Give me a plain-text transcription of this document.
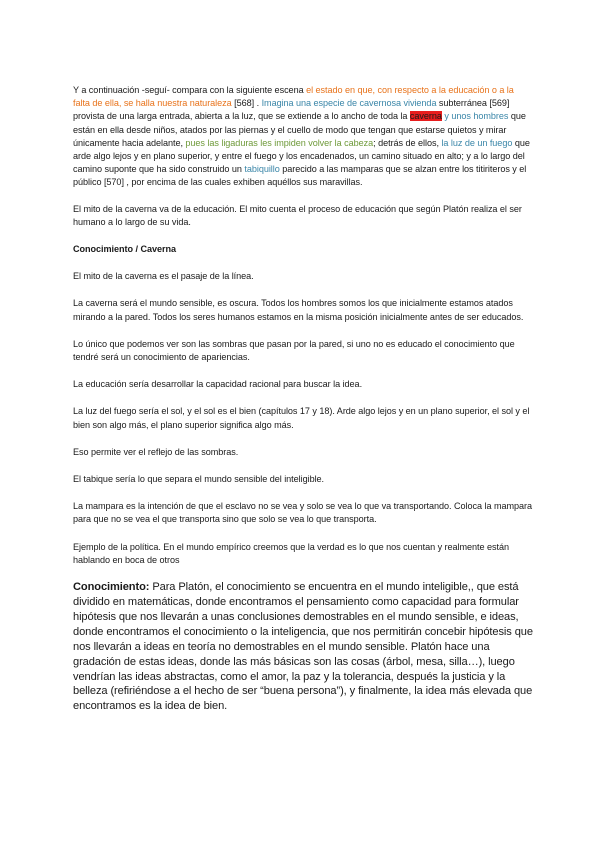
Y a continuación -seguí- compara con la siguiente escena el estado en que, con respecto a la educación o a la falta de ella, se halla nuestra naturaleza [568] . Imagina una especie de cavernosa vivienda subterránea [569] provista de una larga entrada, abierta a la luz, que se extiende a lo ancho de toda la caverna y unos hombres que están en ella desde niños, atados por las piernas y el cuello de modo que tengan que estarse quietos y mirar únicamente hacia adelante, pues las ligaduras les impiden volver la cabeza; detrás de ellos, la luz de un fuego que arde algo lejos y en plano superior, y entre el fuego y los encadenados, un camino situado en alto; y a lo largo del camino suponte que ha sido construido un tabiquillo parecido a las mamparas que se alzan entre los titiriteros y el público [570] , por encima de las cuales exhiben aquéllos sus maravillas.

El mito de la caverna va de la educación. El mito cuenta el proceso de educación que según Platón realiza el ser humano a lo largo de su vida.

Conocimiento / Caverna

El mito de la caverna es el pasaje de la línea.

La caverna será el mundo sensible, es oscura. Todos los hombres somos los que inicialmente estamos atados mirando a la pared. Todos los seres humanos estamos en la misma posición inicialmente antes de ser educados.

Lo único que podemos ver son las sombras que pasan por la pared, si uno no es educado el conocimiento que tendré será un conocimiento de apariencias.

La educación sería desarrollar la capacidad racional para buscar la idea.

La luz del fuego sería el sol, y el sol es el bien (capítulos 17 y 18). Arde algo lejos y en un plano superior, el sol y el bien son algo más, el plano superior significa algo más.

Eso permite ver el reflejo de las sombras.

El tabique sería lo que separa el mundo sensible del inteligible.

La mampara es la intención de que el esclavo no se vea y solo se vea lo que va transportando. Coloca la mampara para que no se vea el que transporta sino que solo se vea lo que transporta.

Ejemplo de la política. En el mundo empírico creemos que la verdad es lo que nos cuentan y realmente están hablando en boca de otros

Conocimiento: Para Platón, el conocimiento se encuentra en el mundo inteligible,, que está dividido en matemáticas, donde encontramos el pensamiento como capacidad para formular hipótesis que nos llevarán a unas conclusiones demostrables en el mundo sensible, e ideas, donde encontramos el conocimiento o la inteligencia, que nos permitirán concebir hipótesis que nos llevarán a ideas en teoría no demostrables en el mundo sensible. Platón hace una gradación de estas ideas, donde las más básicas son las cosas (árbol, mesa, silla…), luego vendrían las ideas abstractas, como el amor, la paz y la tolerancia, después la justicia y la belleza (refiriéndose a el hecho de ser “buena persona”), y finalmente, la idea más elevada que encontramos es la idea de bien.
